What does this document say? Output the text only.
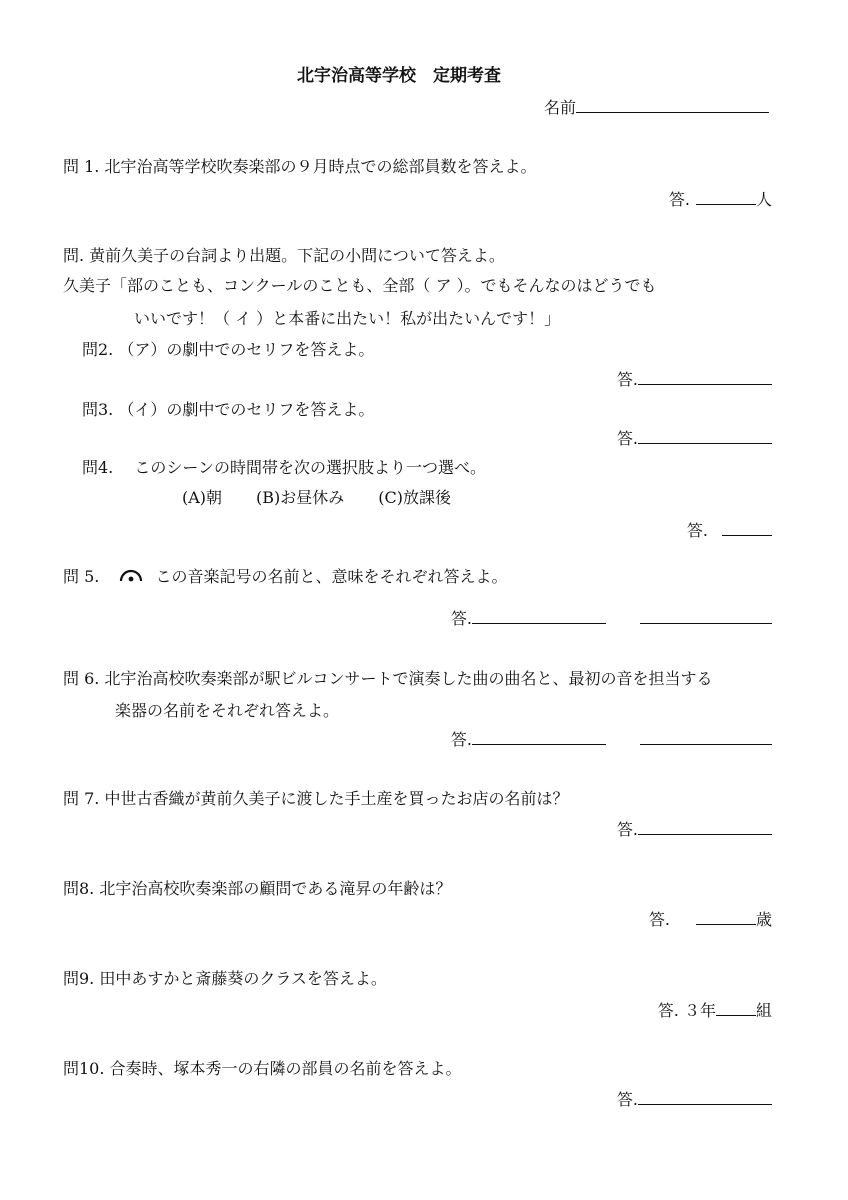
北宇治高等学校　定期考査
名前
問 1. 北宇治高等学校吹奏楽部の９月時点での総部員数を答えよ。
答.	人
問. 黄前久美子の台詞より出題。下記の小問について答えよ。
久美子「部のことも、コンクールのことも、全部（ ア ）。でもそんなのはどうでも
いいです！（ イ ）と本番に出たい！私が出たいんです！」
問2. （ア）の劇中でのセリフを答えよ。
答.
問3. （イ）の劇中でのセリフを答えよ。
答.
問4.　 このシーンの時間帯を次の選択肢より一つ選べ。
(A)朝 (B)お昼休み (C)放課後
答.
問 5.	この音楽記号の名前と、意味をそれぞれ答えよ。
答.
問 6. 北宇治高校吹奏楽部が駅ビルコンサートで演奏した曲の曲名と、最初の音を担当する
楽器の名前をそれぞれ答えよ。
答.
問 7. 中世古香織が黄前久美子に渡した手土産を買ったお店の名前は？
答.
問8. 北宇治高校吹奏楽部の顧問である滝昇の年齢は？
答.	歳
問9. 田中あすかと斎藤葵のクラスを答えよ。
答. ３年	組
問10. 合奏時、塚本秀一の右隣の部員の名前を答えよ。
答.
